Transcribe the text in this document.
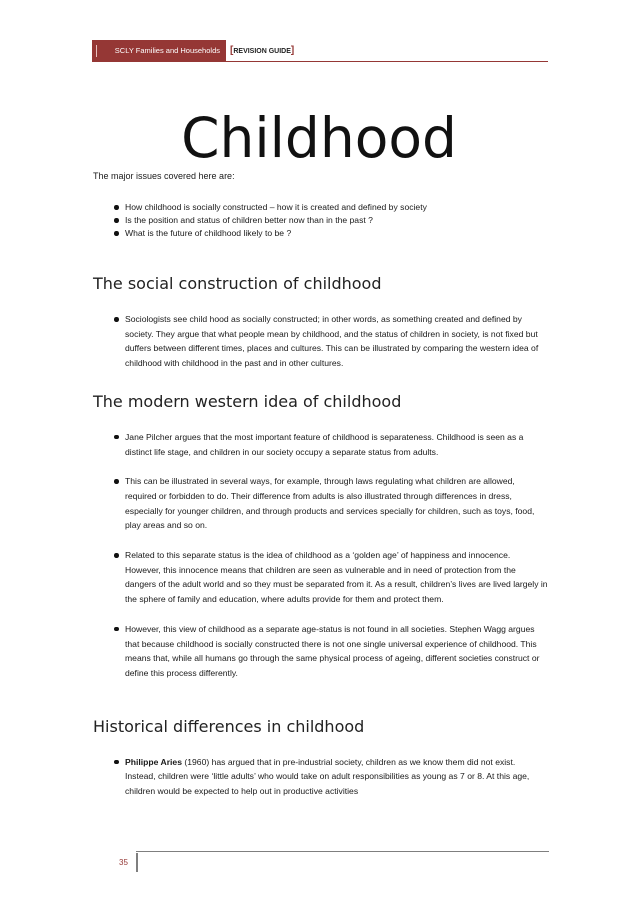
SCLY Families and Households	[REVISION GUIDE]
Childhood

The major issues covered here are:

How childhood is socially constructed – how it is created and defined by society
Is the position and status of children better now than in the past ?
What is the future of childhood likely to be ?
The social construction of childhood
Sociologists see child hood as socially constructed; in other words, as something created and defined by society. They argue that what people mean by childhood, and the status of children in society, is not fixed but duffers between different times, places and cultures. This can be illustrated by comparing the western idea of childhood with childhood in the past and in other cultures.
The modern western idea of childhood
Jane Pilcher argues that the most important feature of childhood is separateness. Childhood is seen as a distinct life stage, and children in our society occupy a separate status from adults.
This can be illustrated in several ways, for example, through laws regulating what children are allowed, required or forbidden to do. Their difference from adults is also illustrated through differences in dress, especially for younger children, and through products and services specially for children, such as toys, food, play areas and so on.
Related to this separate status is the idea of childhood as a ‘golden age’ of happiness and innocence. However, this innocence means that children are seen as vulnerable and in need of protection from the dangers of the adult world and so they must be separated from it. As a result, children’s lives are lived largely in the sphere of family and education, where adults provide for them and protect them.
However, this view of childhood as a separate age-status is not found in all societies. Stephen Wagg argues that because childhood is socially constructed there is not one single universal experience of childhood. This means that, while all humans go through the same physical process of ageing, different societies construct or define this process differently.
Historical differences in childhood
Philippe Aries (1960) has argued that in pre-industrial society, children as we know them did not exist. Instead, children were ‘little adults’ who would take on adult responsibilities as young as 7 or 8. At this age, children would be expected to help out in productive activities
35
